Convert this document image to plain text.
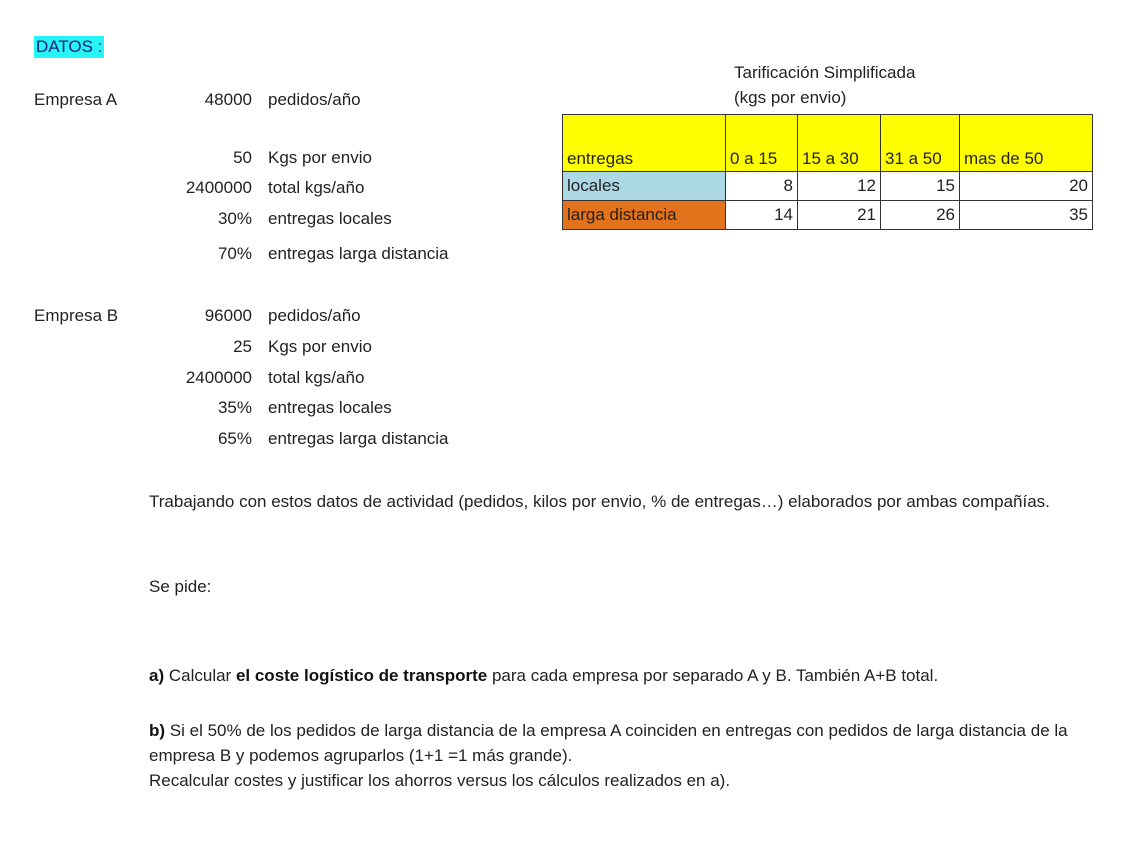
DATOS :
Empresa A	48000 pedidos/año
50 Kgs por envio
2400000 total kgs/año
30% entregas locales
70% entregas larga distancia
Empresa B	96000 pedidos/año
25 Kgs por envio
2400000 total kgs/año
35% entregas locales
65% entregas larga distancia
Tarificación Simplificada
(kgs por envio)
entregas	0 a 15	15 a 30	31 a 50	mas de 50
locales	8	12	15	20
larga distancia	14	21	26	35
Trabajando con estos datos de actividad (pedidos, kilos por envio, % de entregas…) elaborados por ambas compañías.
Se pide:
a) Calcular el coste logístico de transporte para cada empresa por separado A y B. También A+B total.
b) Si el 50% de los pedidos de larga distancia de la empresa A coinciden en entregas con pedidos de larga distancia de la empresa B y podemos agruparlos (1+1 =1 más grande).
Recalcular costes y justificar los ahorros versus los cálculos realizados en a).
